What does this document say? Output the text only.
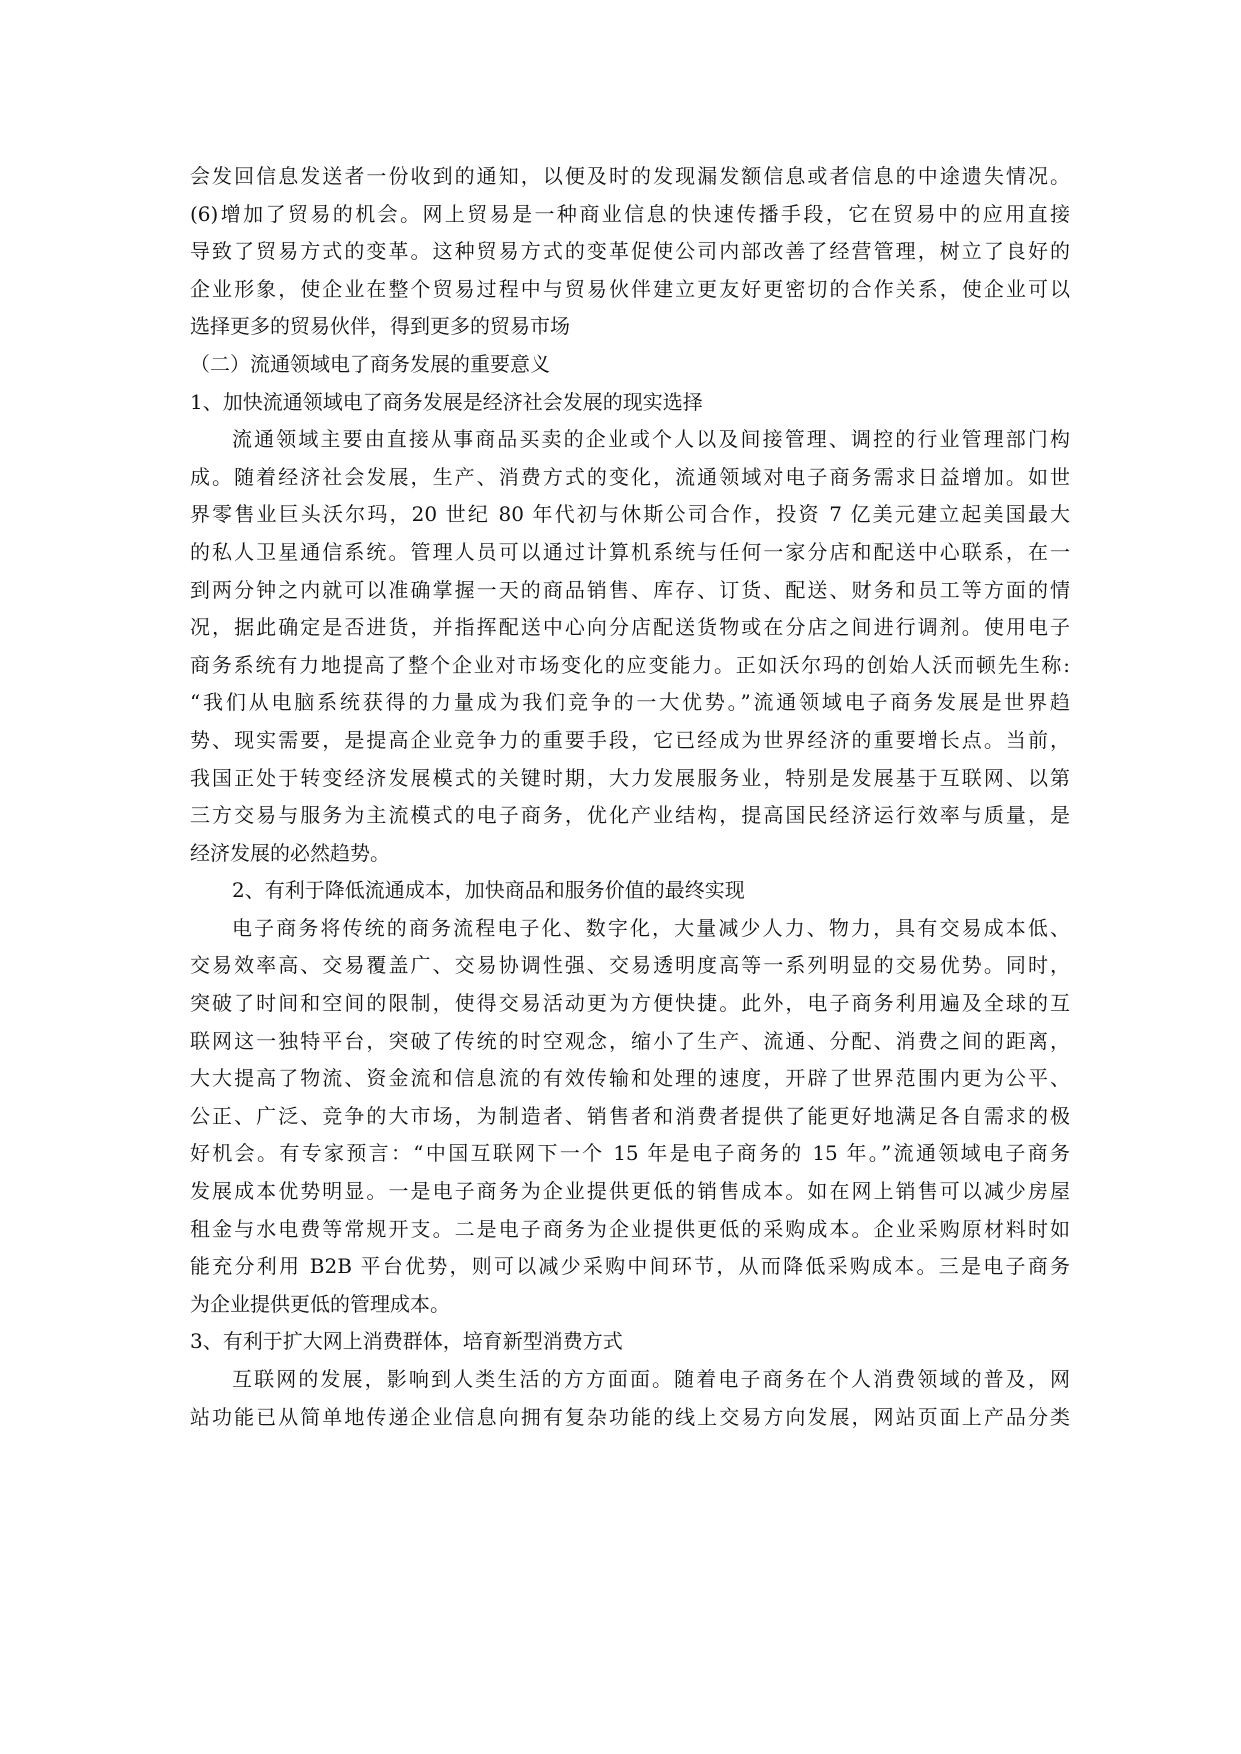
会发回信息发送者一份收到的通知，以便及时的发现漏发额信息或者信息的中途遗失情况。
(6)增加了贸易的机会。网上贸易是一种商业信息的快速传播手段，它在贸易中的应用直接
导致了贸易方式的变革。这种贸易方式的变革促使公司内部改善了经营管理，树立了良好的
企业形象，使企业在整个贸易过程中与贸易伙伴建立更友好更密切的合作关系，使企业可以
选择更多的贸易伙伴，得到更多的贸易市场
（二）流通领域电了商务发展的重要意义
1、加快流通领域电了商务发展是经济社会发展的现实选择
流通领域主要由直接从事商品买卖的企业或个人以及间接管理、调控的行业管理部门构
成。随着经济社会发展，生产、消费方式的变化，流通领域对电子商务需求日益增加。如世
界零售业巨头沃尔玛，20 世纪 80 年代初与休斯公司合作，投资 7 亿美元建立起美国最大
的私人卫星通信系统。管理人员可以通过计算机系统与任何一家分店和配送中心联系，在一
到两分钟之内就可以准确掌握一天的商品销售、库存、订货、配送、财务和员工等方面的情
况，据此确定是否进货，并指挥配送中心向分店配送货物或在分店之间进行调剂。使用电子
商务系统有力地提高了整个企业对市场变化的应变能力。正如沃尔玛的创始人沃而顿先生称:
“我们从电脑系统获得的力量成为我们竞争的一大优势。”流通领域电子商务发展是世界趋
势、现实需要，是提高企业竞争力的重要手段，它已经成为世界经济的重要增长点。当前，
我国正处于转变经济发展模式的关键时期，大力发展服务业，特别是发展基于互联网、以第
三方交易与服务为主流模式的电子商务，优化产业结构，提高国民经济运行效率与质量，是
经济发展的必然趋势。
2、有利于降低流通成本，加快商品和服务价值的最终实现
电子商务将传统的商务流程电子化、数字化，大量减少人力、物力，具有交易成本低、
交易效率高、交易覆盖广、交易协调性强、交易透明度高等一系列明显的交易优势。同时，
突破了时间和空间的限制，使得交易活动更为方便快捷。此外，电子商务利用遍及全球的互
联网这一独特平台，突破了传统的时空观念，缩小了生产、流通、分配、消费之间的距离，
大大提高了物流、资金流和信息流的有效传输和处理的速度，开辟了世界范围内更为公平、
公正、广泛、竞争的大市场，为制造者、销售者和消费者提供了能更好地满足各自需求的极
好机会。有专家预言：“中国互联网下一个 15 年是电子商务的 15 年。”流通领域电子商务
发展成本优势明显。一是电子商务为企业提供更低的销售成本。如在网上销售可以减少房屋
租金与水电费等常规开支。二是电子商务为企业提供更低的采购成本。企业采购原材料时如
能充分利用 B2B 平台优势，则可以减少采购中间环节，从而降低采购成本。三是电子商务
为企业提供更低的管理成本。
3、有利于扩大网上消费群体，培育新型消费方式
互联网的发展，影响到人类生活的方方面面。随着电子商务在个人消费领域的普及，网
站功能已从简单地传递企业信息向拥有复杂功能的线上交易方向发展，网站页面上产品分类
